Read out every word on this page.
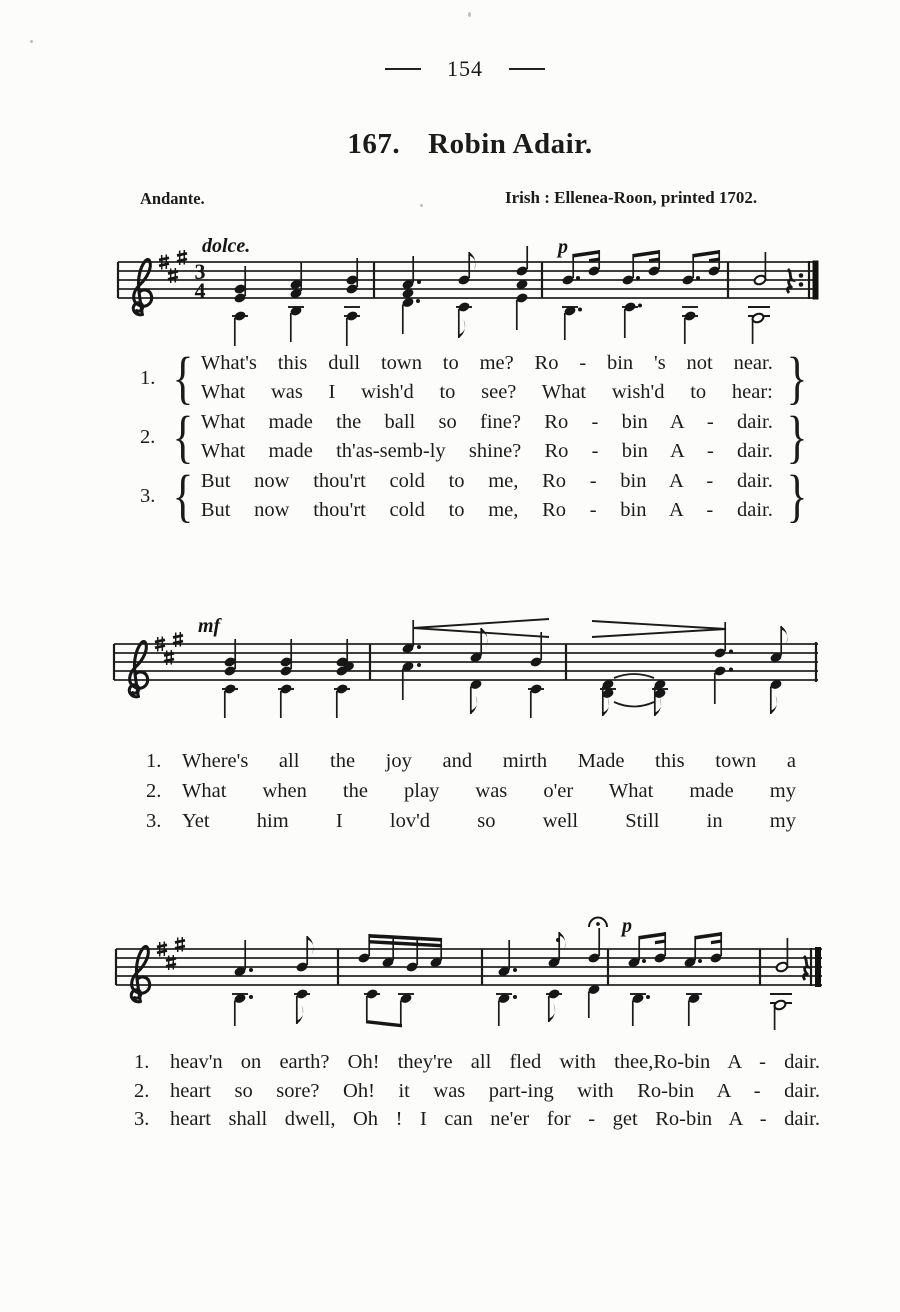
154
167. Robin Adair.
Andante.	Irish : Ellenea-Roon, printed 1702.
3
4
dolce.	p
1. { What's this dull town to me? Ro - bin 's not near.
What was I wish'd to see? What wish'd to hear: }
2. { What made the ball so fine? Ro - bin A - dair.
What made th'as-semb-ly shine? Ro - bin A - dair. }
3. { But now thou'rt cold to me, Ro - bin A - dair.
But now thou'rt cold to me, Ro - bin A - dair. }
mf
1.	Where's all the joy and mirth Made this town a
2.	What when the play was o'er What made my
3.	Yet him I lov'd so well Still in my
p
1.	heav'n on earth? Oh! they're all fled with thee,Ro-bin A - dair.
2.	heart so sore? Oh! it was part-ing with Ro-bin A - dair.
3.	heart shall dwell, Oh ! I can ne'er for - get Ro-bin A - dair.
